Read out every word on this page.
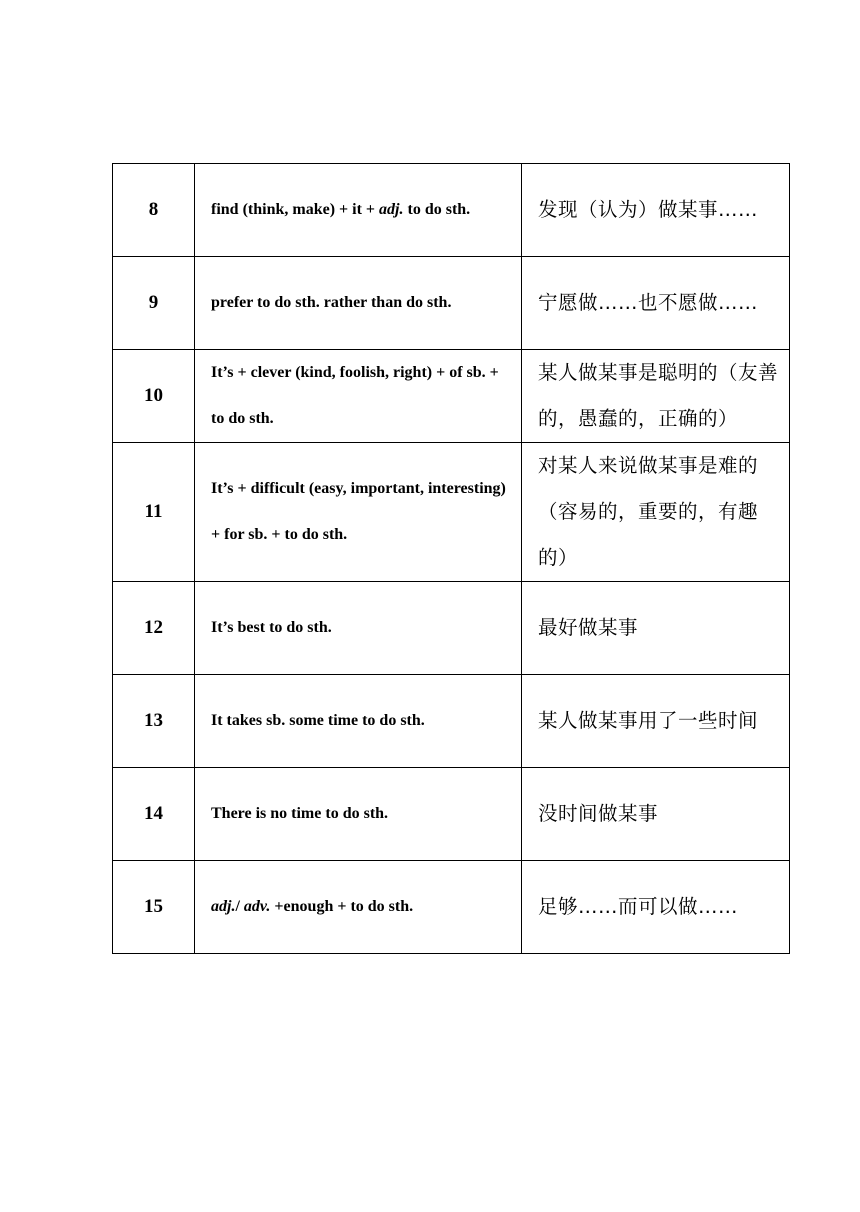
8	find (think, make) + it + adj. to do sth.	发现（认为）做某事……
9	prefer to do sth. rather than do sth.	宁愿做……也不愿做……
10	It’s + clever (kind, foolish, right) + of sb. + to do sth.	某人做某事是聪明的（友善的，愚蠢的，正确的）
11	It’s + difficult (easy, important, interesting) + for sb. + to do sth.	对某人来说做某事是难的（容易的，重要的，有趣的）
12	It’s best to do sth.	最好做某事
13	It takes sb. some time to do sth.	某人做某事用了一些时间
14	There is no time to do sth.	没时间做某事
15	adj./ adv. +enough + to do sth.	足够……而可以做……
